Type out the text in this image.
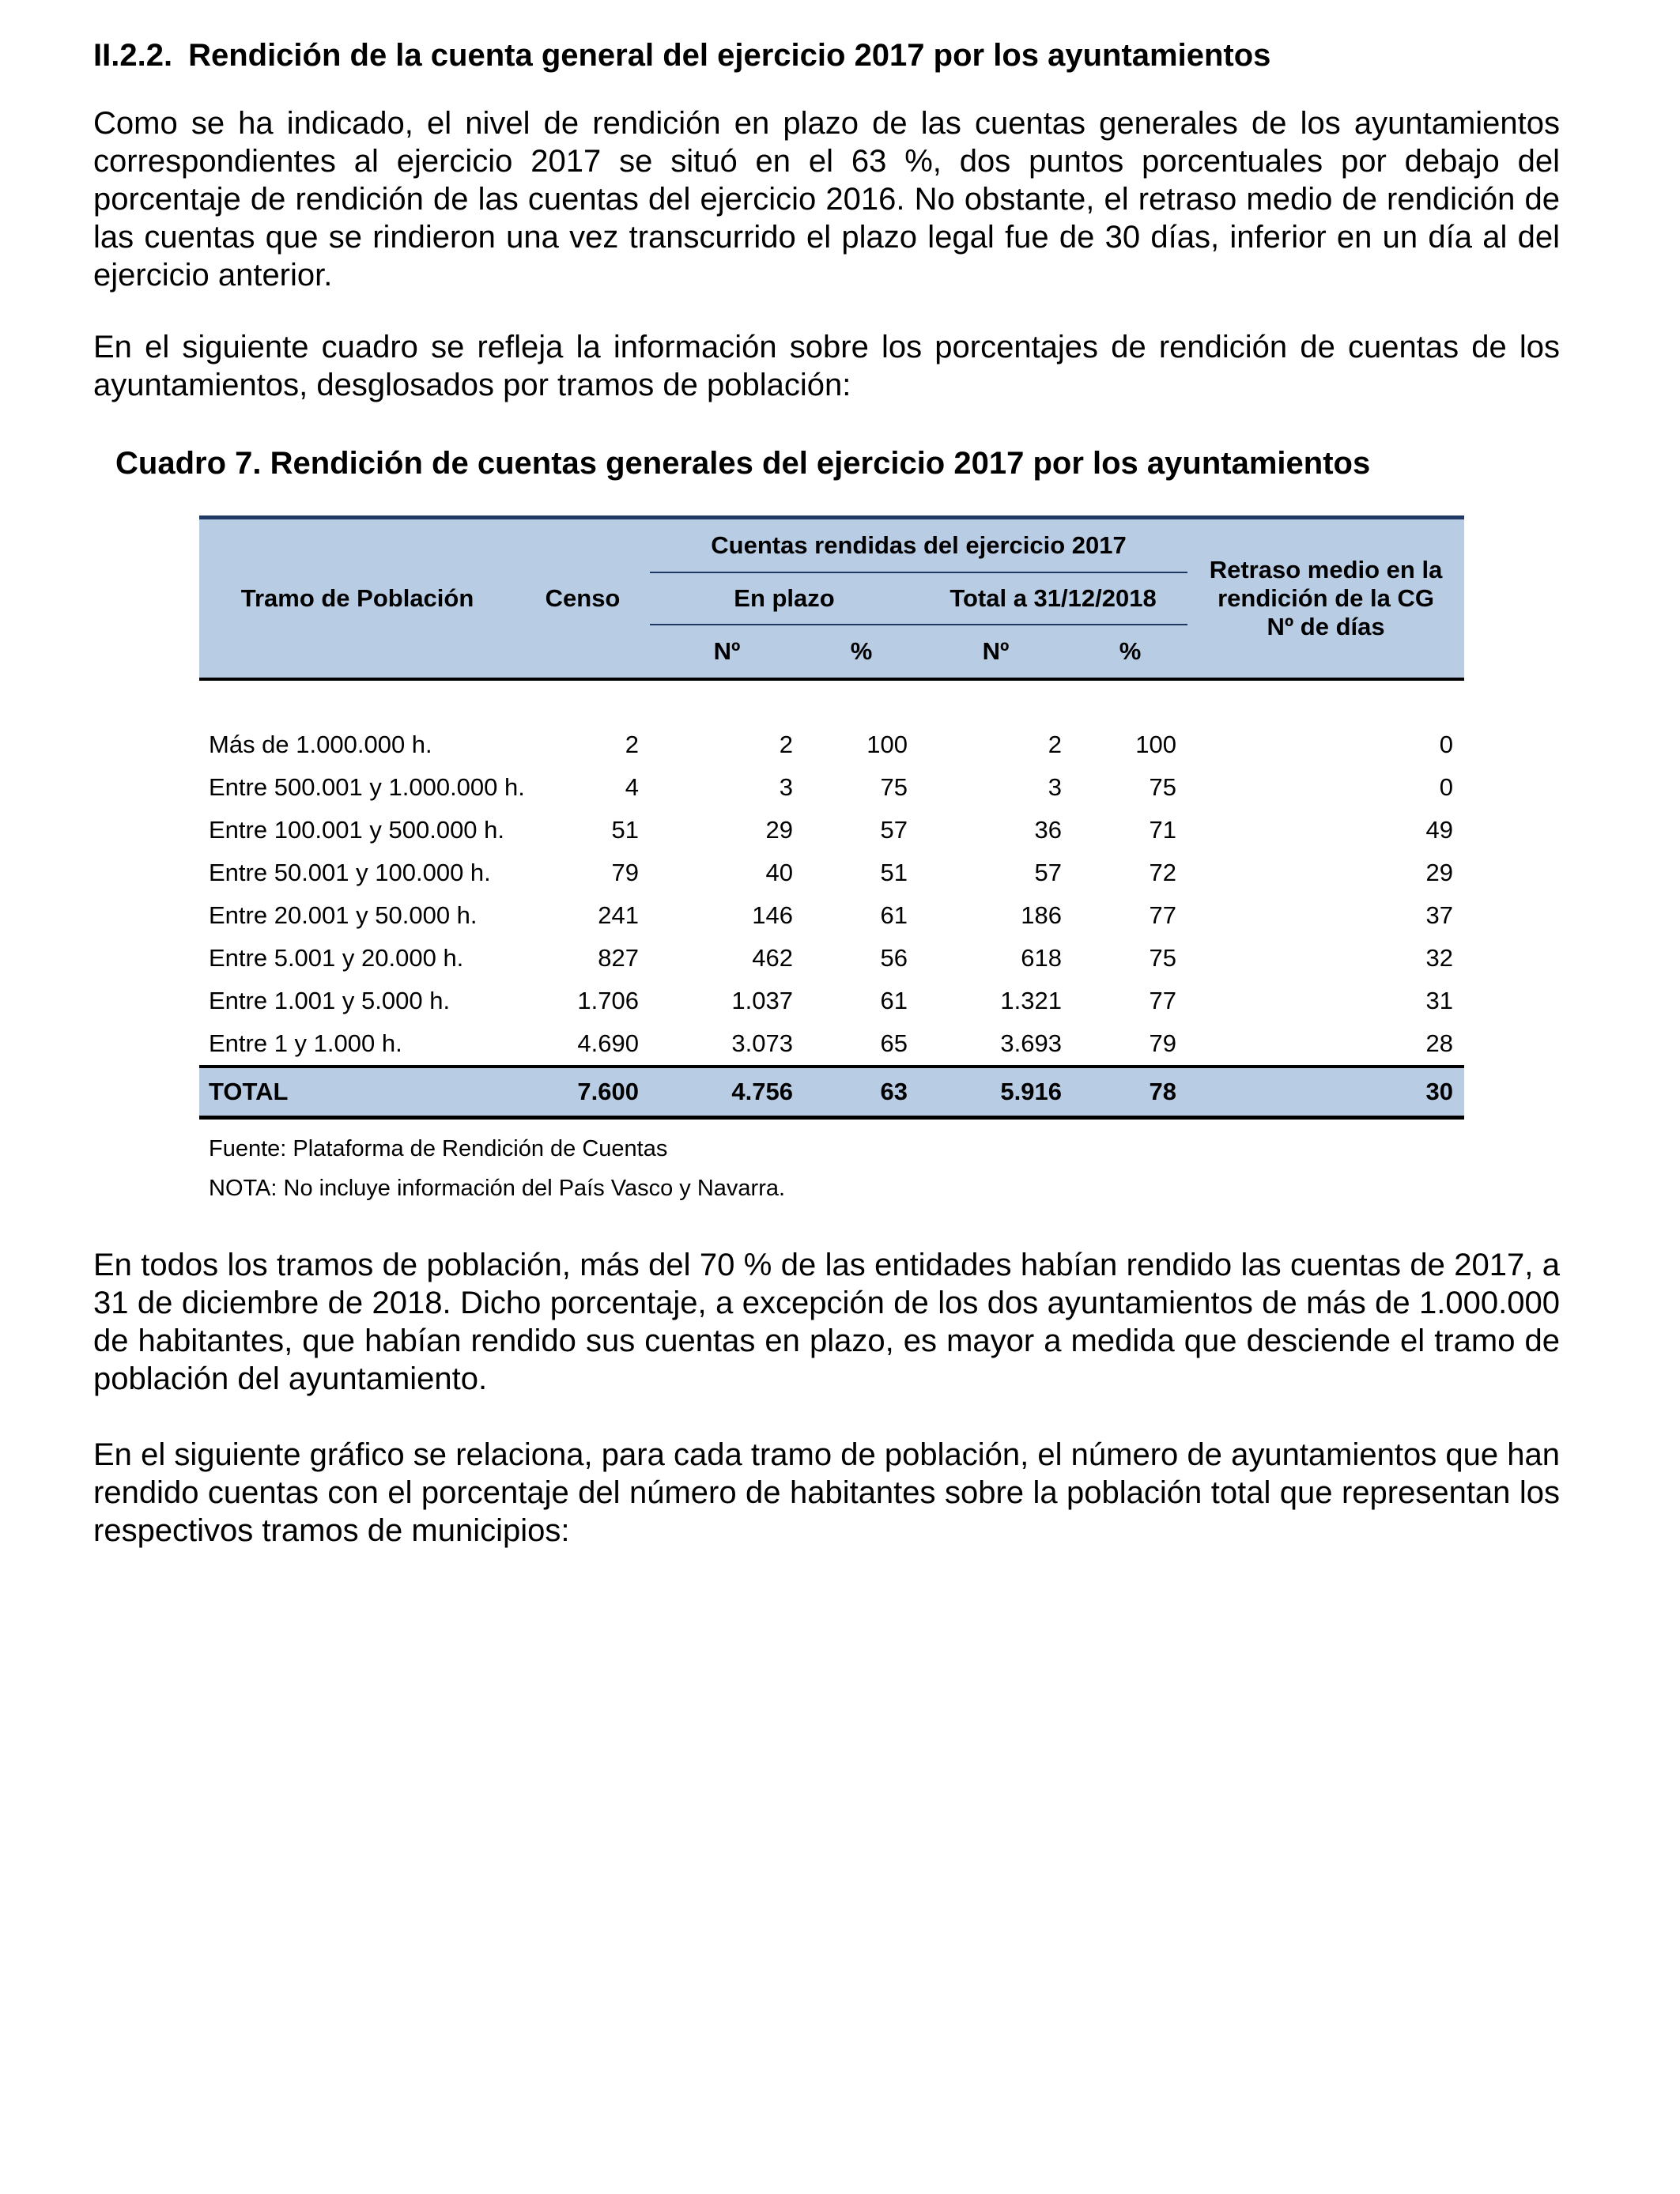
II.2.2. Rendición de la cuenta general del ejercicio 2017 por los ayuntamientos

Como se ha indicado, el nivel de rendición en plazo de las cuentas generales de los ayuntamientos correspondientes al ejercicio 2017 se situó en el 63 %, dos puntos porcentuales por debajo del porcentaje de rendición de las cuentas del ejercicio 2016. No obstante, el retraso medio de rendición de las cuentas que se rindieron una vez transcurrido el plazo legal fue de 30 días, inferior en un día al del ejercicio anterior.

En el siguiente cuadro se refleja la información sobre los porcentajes de rendición de cuentas de los ayuntamientos, desglosados por tramos de población:

Cuadro 7. Rendición de cuentas generales del ejercicio 2017 por los ayuntamientos
Tramo de Población	Censo	Cuentas rendidas del ejercicio 2017				Retraso medio en la
rendición de la CG
Nº de días

		En plazo		Total a 31/12/2018		
		Nº	%	Nº	%	

Más de 1.000.000 h.	2	2	100	2	100	0
Entre 500.001 y 1.000.000 h.	4	3	75	3	75	0
Entre 100.001 y 500.000 h.	51	29	57	36	71	49
Entre 50.001 y 100.000 h.	79	40	51	57	72	29
Entre 20.001 y 50.000 h.	241	146	61	186	77	37
Entre 5.001 y 20.000 h.	827	462	56	618	75	32
Entre 1.001 y 5.000 h.	1.706	1.037	61	1.321	77	31
Entre 1 y 1.000 h.	4.690	3.073	65	3.693	79	28
TOTAL	7.600	4.756	63	5.916	78	30
Fuente: Plataforma de Rendición de Cuentas
NOTA: No incluye información del País Vasco y Navarra.

En todos los tramos de población, más del 70 % de las entidades habían rendido las cuentas de 2017, a 31 de diciembre de 2018. Dicho porcentaje, a excepción de los dos ayuntamientos de más de 1.000.000 de habitantes, que habían rendido sus cuentas en plazo, es mayor a medida que desciende el tramo de población del ayuntamiento.

En el siguiente gráfico se relaciona, para cada tramo de población, el número de ayuntamientos que han rendido cuentas con el porcentaje del número de habitantes sobre la población total que representan los respectivos tramos de municipios:
